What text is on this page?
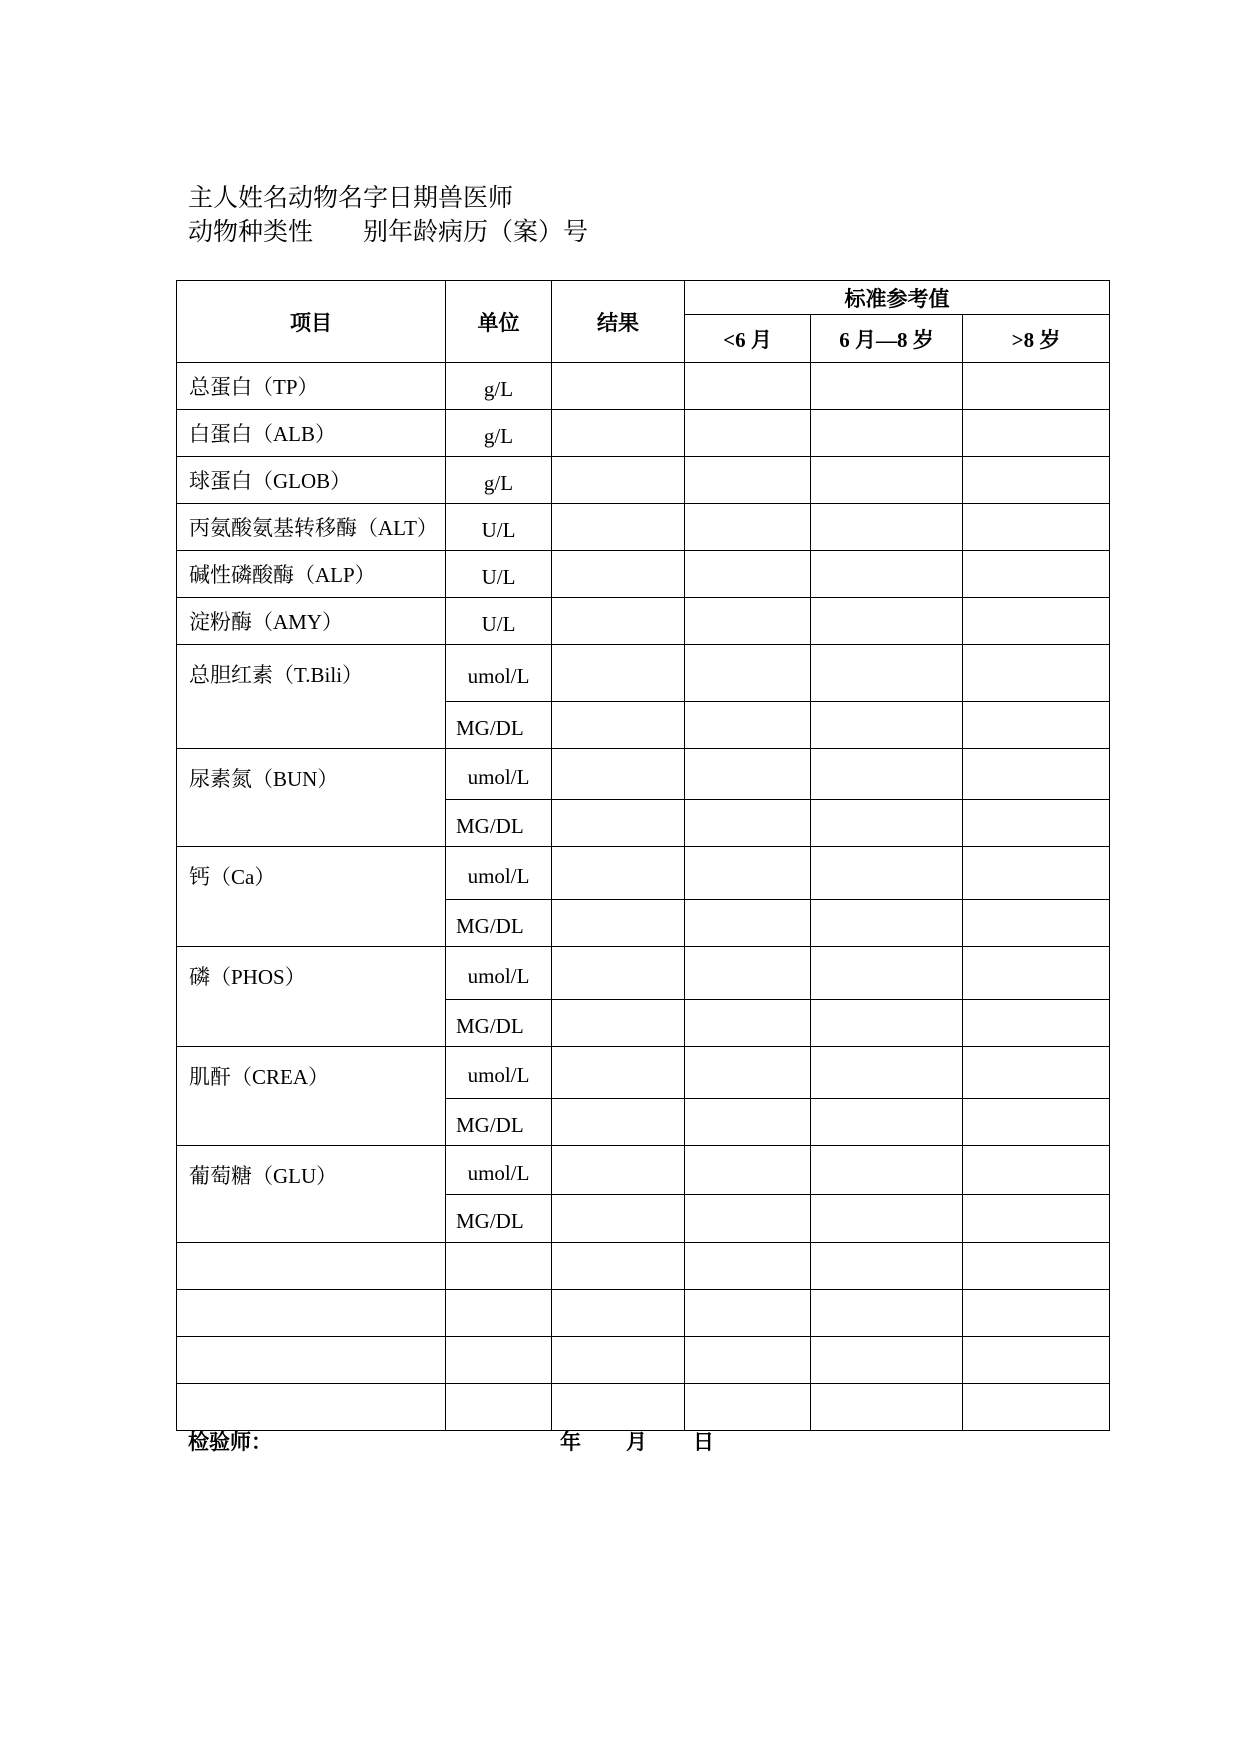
主人姓名动物名字日期兽医师
动物种类性　　别年龄病历（案）号
项目	单位	结果	标准参考值		
			<6 月	6 月—8 岁	>8 岁

总蛋白（TP）	g/L				

白蛋白（ALB）	g/L				

球蛋白（GLOB）	g/L				

丙氨酸氨基转移酶（ALT）	U/L				

碱性磷酸酶（ALP）	U/L				

淀粉酶（AMY）	U/L				

总胆红素（T.Bili）	umol/L				
	MG/DL				

尿素氮（BUN）	umol/L				
	MG/DL				

钙（Ca）	umol/L				
	MG/DL				

磷（PHOS）	umol/L				
	MG/DL				

肌酐（CREA）	umol/L				
	MG/DL				

葡萄糖（GLU）	umol/L				
	MG/DL				

检验师：	年 月 日
